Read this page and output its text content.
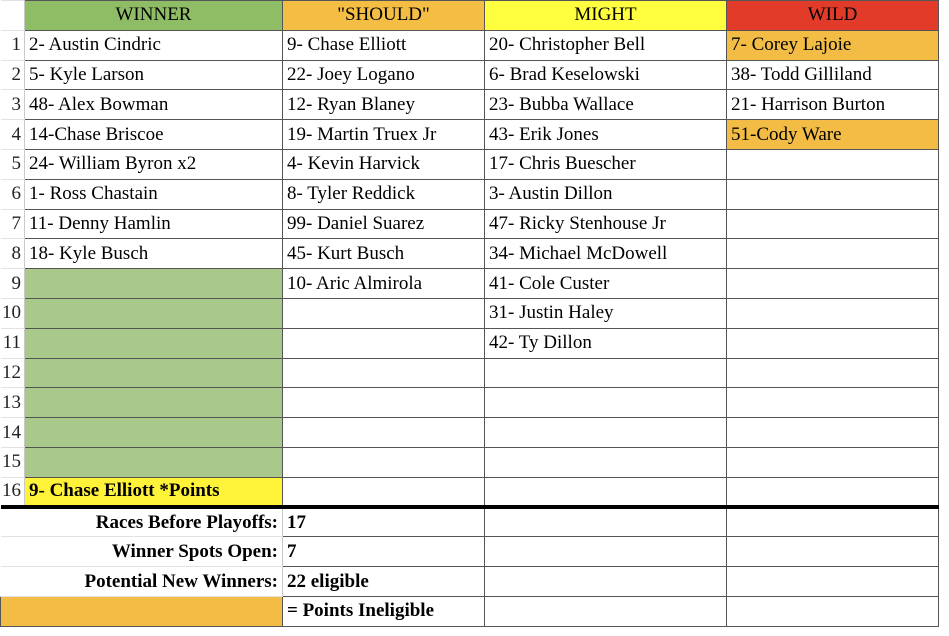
	WINNER	"SHOULD"	MIGHT	WILD
1	2- Austin Cindric	9- Chase Elliott	20- Christopher Bell	7- Corey Lajoie
2	5- Kyle Larson	22- Joey Logano	6- Brad Keselowski	38- Todd Gilliland
3	48- Alex Bowman	12- Ryan Blaney	23- Bubba Wallace	21- Harrison Burton
4	14-Chase Briscoe	19- Martin Truex Jr	43- Erik Jones	51-Cody Ware
5	24- William Byron x2	4- Kevin Harvick	17- Chris Buescher	
6	1- Ross Chastain	8- Tyler Reddick	3- Austin Dillon	
7	11- Denny Hamlin	99- Daniel Suarez	47- Ricky Stenhouse Jr	
8	18- Kyle Busch	45- Kurt Busch	34- Michael McDowell	
9		10- Aric Almirola	41- Cole Custer	
10			31- Justin Haley	
11			42- Ty Dillon	
12				
13				
14				
15				
16	9- Chase Elliott *Points			
Races Before Playoffs:		17		
Winner Spots Open:		7		
Potential New Winners:		22 eligible		
		= Points Ineligible		
